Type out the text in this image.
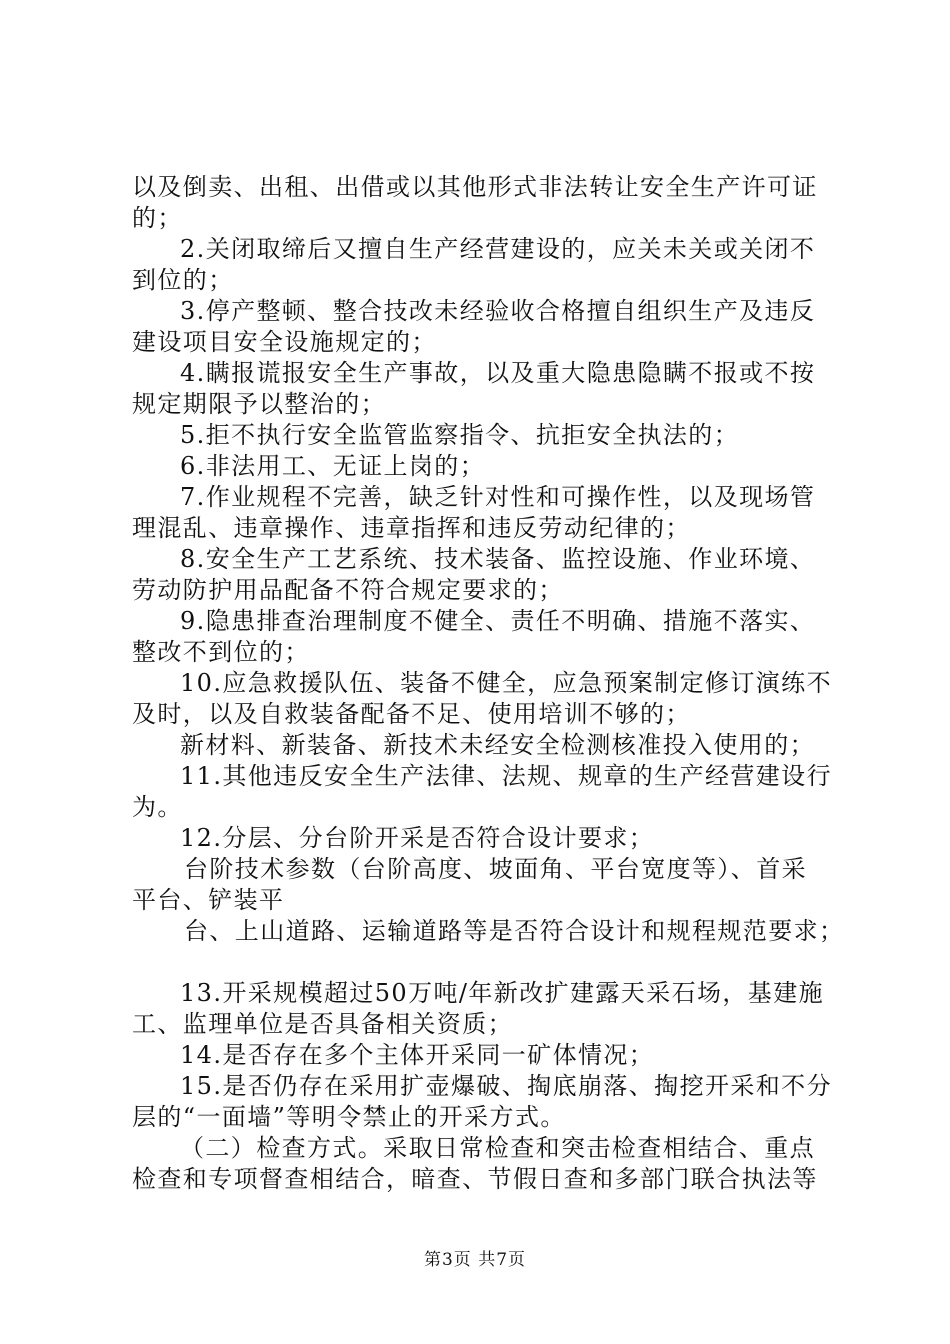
以及倒卖、出租、出借或以其他形式非法转让安全生产许可证
的；
2.关闭取缔后又擅自生产经营建设的，应关未关或关闭不
到位的；
3.停产整顿、整合技改未经验收合格擅自组织生产及违反
建设项目安全设施规定的；
4.瞒报谎报安全生产事故，以及重大隐患隐瞒不报或不按
规定期限予以整治的；
5.拒不执行安全监管监察指令、抗拒安全执法的；
6.非法用工、无证上岗的；
7.作业规程不完善，缺乏针对性和可操作性，以及现场管
理混乱、违章操作、违章指挥和违反劳动纪律的；
8.安全生产工艺系统、技术装备、监控设施、作业环境、
劳动防护用品配备不符合规定要求的；
9.隐患排查治理制度不健全、责任不明确、措施不落实、
整改不到位的；
10.应急救援队伍、装备不健全，应急预案制定修订演练不
及时，以及自救装备配备不足、使用培训不够的；
新材料、新装备、新技术未经安全检测核准投入使用的；
11.其他违反安全生产法律、法规、规章的生产经营建设行
为。
12.分层、分台阶开采是否符合设计要求；
台阶技术参数（台阶高度、坡面角、平台宽度等）、首采
平台、铲装平
台、上山道路、运输道路等是否符合设计和规程规范要求；
13.开采规模超过50万吨/年新改扩建露天采石场，基建施
工、监理单位是否具备相关资质；
14.是否存在多个主体开采同一矿体情况；
15.是否仍存在采用扩壶爆破、掏底崩落、掏挖开采和不分
层的“一面墙”等明令禁止的开采方式。
（二）检查方式。采取日常检查和突击检查相结合、重点
检查和专项督查相结合，暗查、节假日查和多部门联合执法等
第3页 共7页
